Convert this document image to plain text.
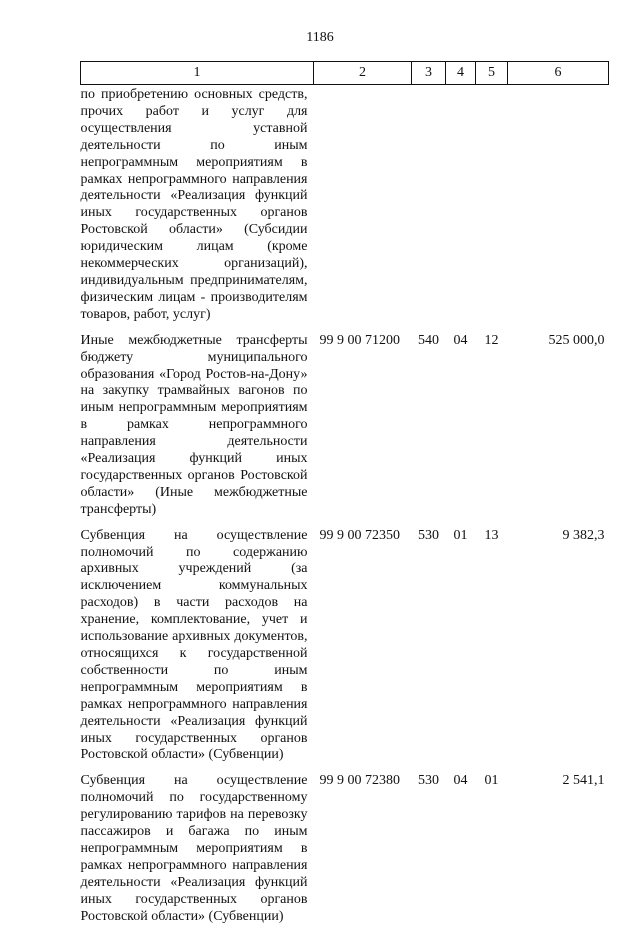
1186
1	2	3	4	5	6
по приобретению основных средств, прочих работ и услуг для осуществления уставной деятельности по иным непрограммным мероприятиям в рамках непрограммного направления деятельности «Реализация функций иных государственных органов Ростовской области» (Субсидии юридическим лицам (кроме некоммерческих организаций), индивидуальным предпринимателям, физическим лицам - производителям товаров, работ, услуг)					
Иные межбюджетные трансферты бюджету муниципального образования «Город Ростов-на-Дону» на закупку трамвайных вагонов по иным непрограммным мероприятиям в рамках непрограммного направления деятельности «Реализация функций иных государственных органов Ростовской области» (Иные межбюджетные трансферты)	99 9 00 71200	540	04	12	525 000,0
Субвенция на осуществление полномочий по содержанию архивных учреждений (за исключением коммунальных расходов) в части расходов на хранение, комплектование, учет и использование архивных документов, относящихся к государственной собственности по иным непрограммным мероприятиям в рамках непрограммного направления деятельности «Реализация функций иных государственных органов Ростовской области» (Субвенции)	99 9 00 72350	530	01	13	9 382,3
Субвенция на осуществление полномочий по государственному регулированию тарифов на перевозку пассажиров и багажа по иным непрограммным мероприятиям в рамках непрограммного направления деятельности «Реализация функций иных государственных органов Ростовской области» (Субвенции)	99 9 00 72380	530	04	01	2 541,1
